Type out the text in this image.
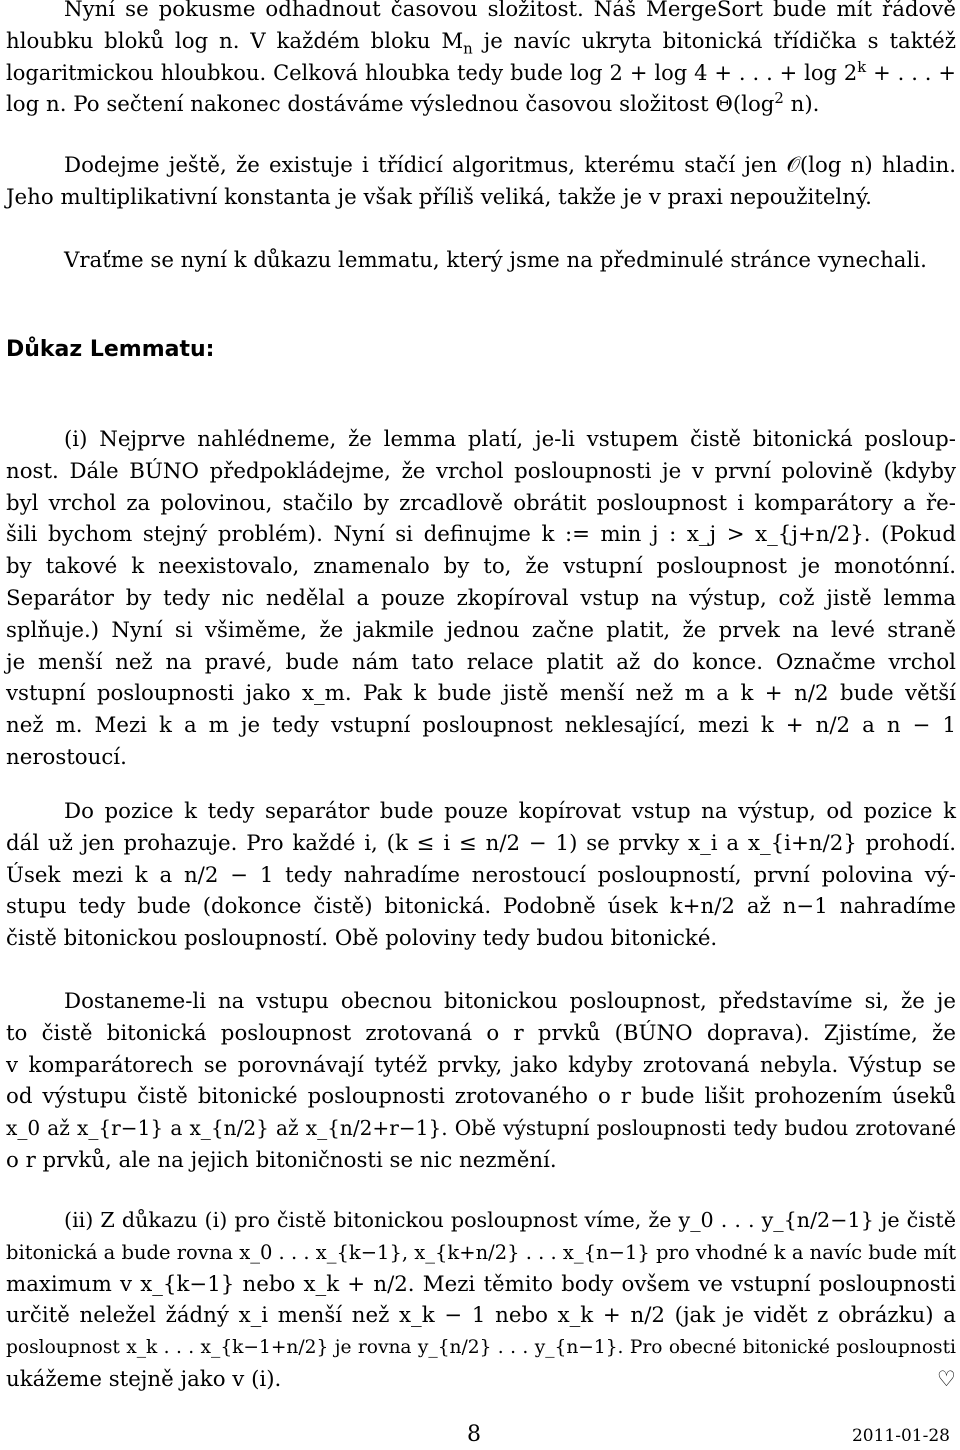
Nyní se pokusme odhadnout časovou složitost. Náš MergeSort bude mít řádově
hloubku bloků log n. V každém bloku $M_n$ je navíc ukryta bitonická třídička s taktéž
logaritmickou hloubkou. Celková hloubka tedy bude log 2 + log 4 + . . . + $\log 2^k$ + . . . +
log n. Po sečtení nakonec dostáváme výslednou časovou složitost $\Theta(\log^2$ n).
Dodejme ještě, že existuje i třídicí algoritmus, kterému stačí jen 𝒪(log n) hladin.
Jeho multiplikativní konstanta je však příliš veliká, takže je v praxi nepoužitelný.
Vraťme se nyní k důkazu lemmatu, který jsme na předminulé stránce vynechali.
Důkaz Lemmatu:
(i) Nejprve nahlédneme, že lemma platí, je-li vstupem čistě bitonická posloup-
nost. Dále BÚNO předpokládejme, že vrchol posloupnosti je v první polovině (kdyby
byl vrchol za polovinou, stačilo by zrcadlově obrátit posloupnost i komparátory a ře-
šili bychom stejný problém). Nyní si definujme k := min j : x_j > x_{j+n/2}. (Pokud
by takové k neexistovalo, znamenalo by to, že vstupní posloupnost je monotónní.
Separátor by tedy nic nedělal a pouze zkopíroval vstup na výstup, což jistě lemma
splňuje.) Nyní si všiměme, že jakmile jednou začne platit, že prvek na levé straně
je menší než na pravé, bude nám tato relace platit až do konce. Označme vrchol
vstupní posloupnosti jako x_m. Pak k bude jistě menší než m a k + n/2 bude větší
než m. Mezi k a m je tedy vstupní posloupnost neklesající, mezi k + n/2 a n − 1
nerostoucí.
Do pozice k tedy separátor bude pouze kopírovat vstup na výstup, od pozice k
dál už jen prohazuje. Pro každé i, (k ≤ i ≤ n/2 − 1) se prvky x_i a x_{i+n/2} prohodí.
Úsek mezi k a n/2 − 1 tedy nahradíme nerostoucí posloupností, první polovina vý-
stupu tedy bude (dokonce čistě) bitonická. Podobně úsek k+n/2 až n−1 nahradíme
čistě bitonickou posloupností. Obě poloviny tedy budou bitonické.
Dostaneme-li na vstupu obecnou bitonickou posloupnost, představíme si, že je
to čistě bitonická posloupnost zrotovaná o r prvků (BÚNO doprava). Zjistíme, že
v komparátorech se porovnávají tytéž prvky, jako kdyby zrotovaná nebyla. Výstup se
od výstupu čistě bitonické posloupnosti zrotovaného o r bude lišit prohozením úseků
x_0 až x_{r−1} a x_{n/2} až x_{n/2+r−1}. Obě výstupní posloupnosti tedy budou zrotované
o r prvků, ale na jejich bitoničnosti se nic nezmění.
(ii) Z důkazu (i) pro čistě bitonickou posloupnost víme, že y_0 . . . y_{n/2−1} je čistě
bitonická a bude rovna x_0 . . . x_{k−1}, x_{k+n/2} . . . x_{n−1} pro vhodné k a navíc bude mít
maximum v x_{k−1} nebo x_k + n/2. Mezi těmito body ovšem ve vstupní posloupnosti
určitě neležel žádný x_i menší než x_k − 1 nebo x_k + n/2 (jak je vidět z obrázku) a
posloupnost x_k . . . x_{k−1+n/2} je rovna y_{n/2} . . . y_{n−1}. Pro obecné bitonické posloupnosti
ukážeme stejně jako v (i).	♡
8	2011-01-28
